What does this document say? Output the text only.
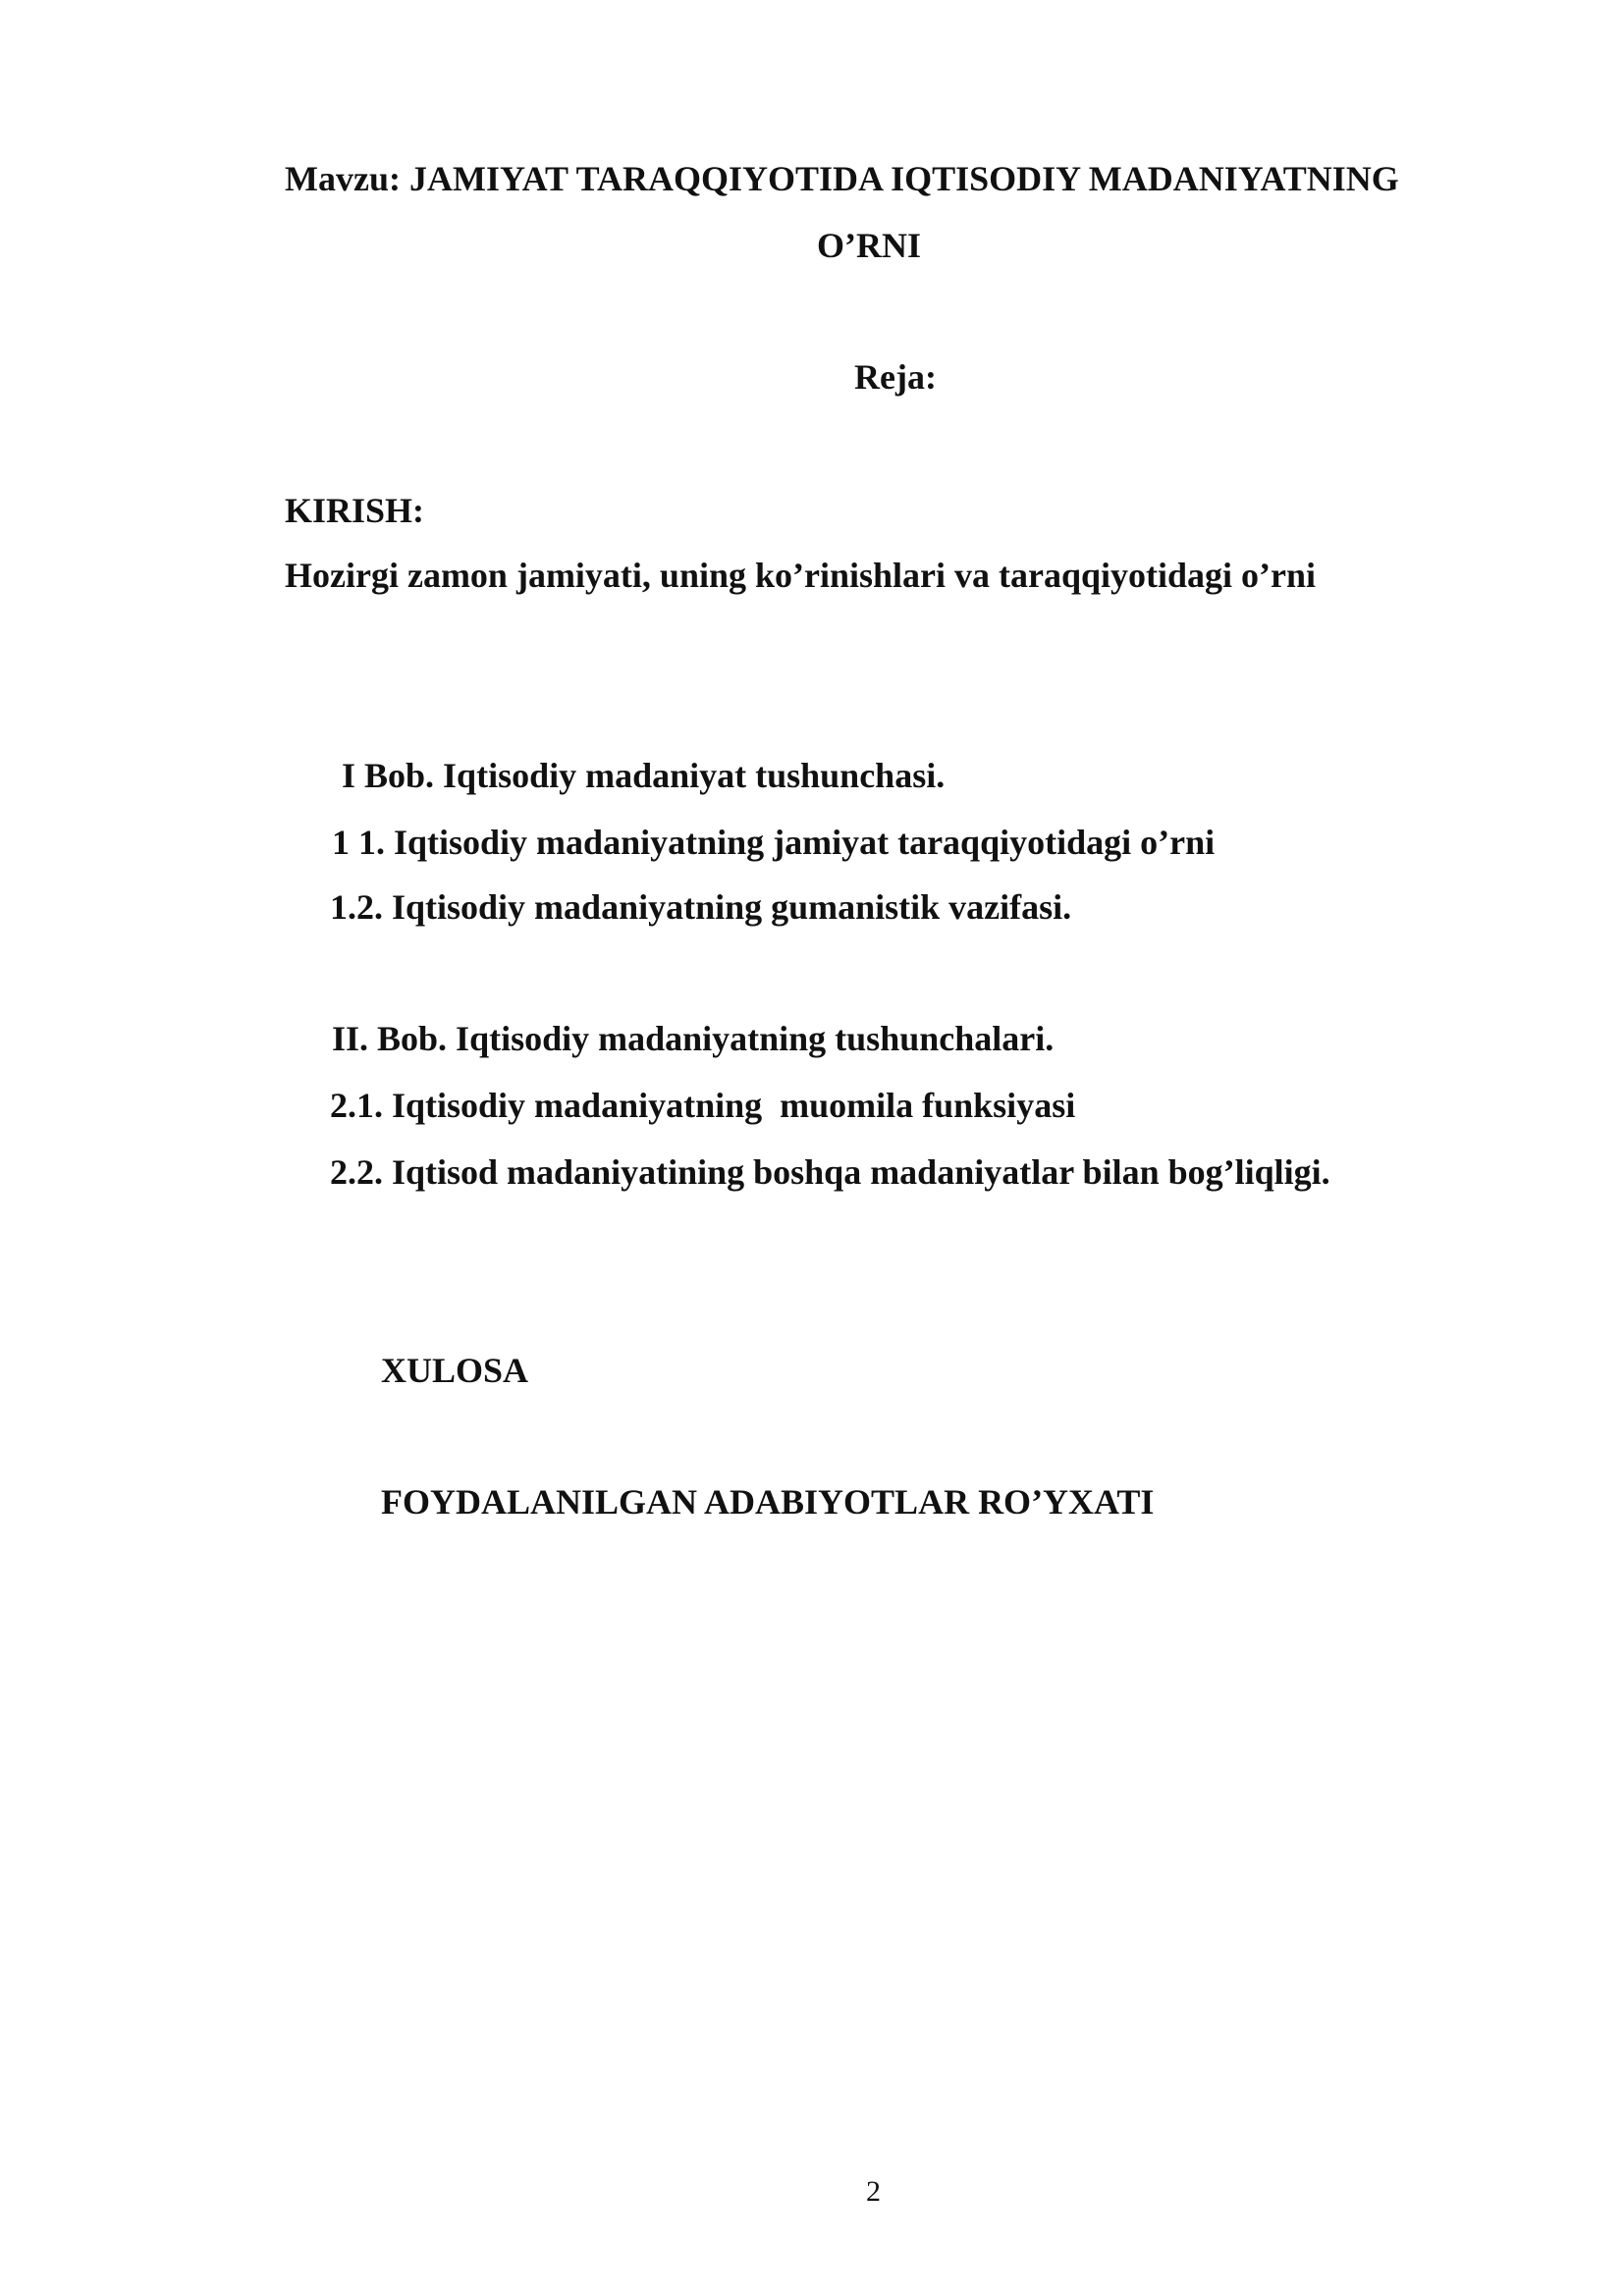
Mavzu: JAMIYAT TARAQQIYOTIDA IQTISODIY MADANIYATNING
O’RNI
Reja:
KIRISH:
Hozirgi zamon jamiyati, uning ko’rinishlari va taraqqiyotidagi o’rni
I Bob. Iqtisodiy madaniyat tushunchasi.
1 1. Iqtisodiy madaniyatning jamiyat taraqqiyotidagi o’rni
1.2. Iqtisodiy madaniyatning gumanistik vazifasi.
II. Bob. Iqtisodiy madaniyatning tushunchalari.
2.1. Iqtisodiy madaniyatning  muomila funksiyasi
2.2. Iqtisod madaniyatining boshqa madaniyatlar bilan bog’liqligi.
XULOSA
FOYDALANILGAN ADABIYOTLAR RO’YXATI
2
